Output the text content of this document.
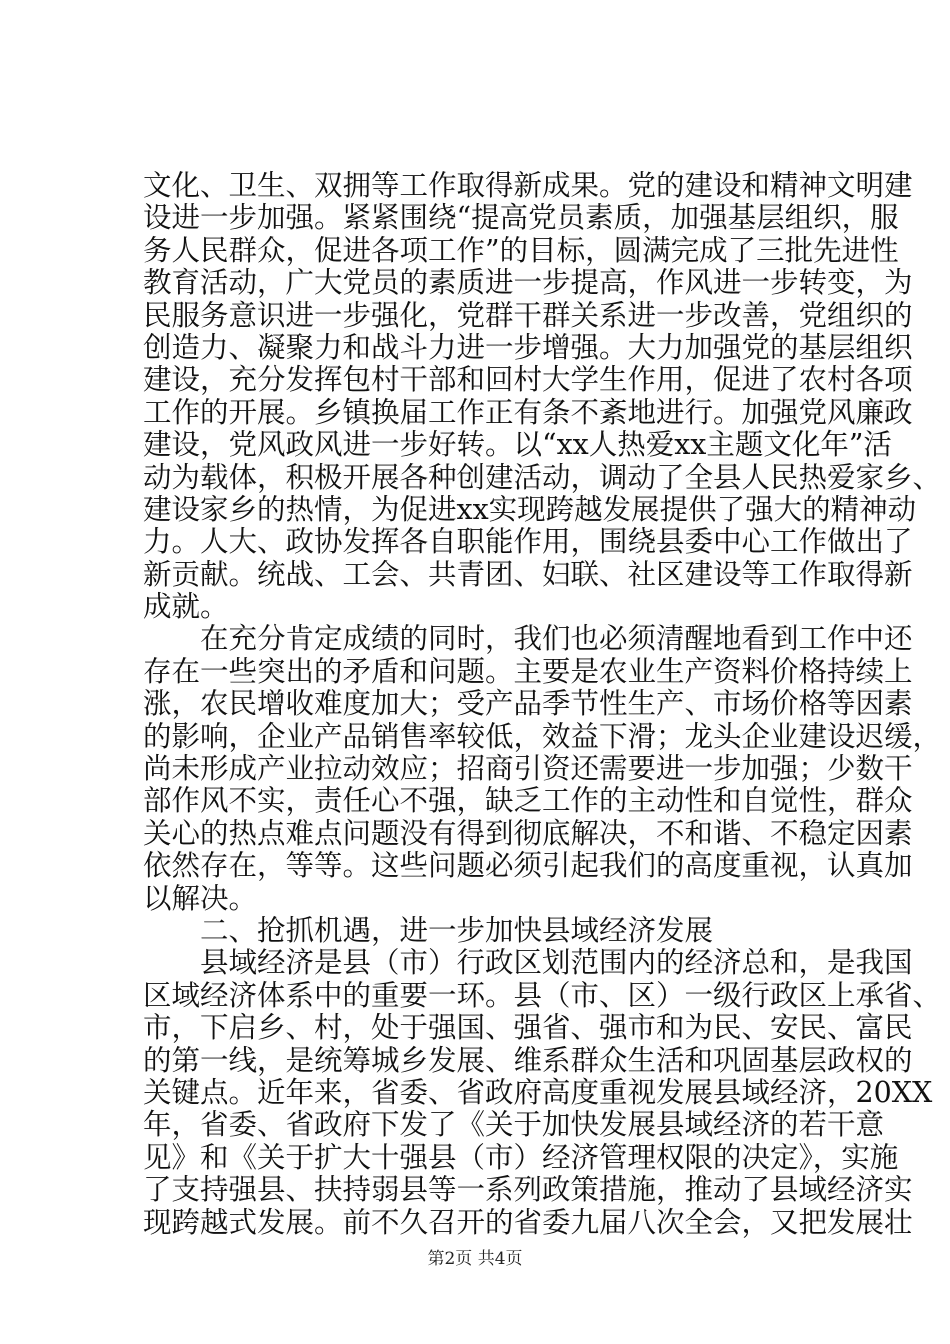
文化、卫生、双拥等工作取得新成果。党的建设和精神文明建
设进一步加强。紧紧围绕“提高党员素质，加强基层组织，服
务人民群众，促进各项工作”的目标，圆满完成了三批先进性
教育活动，广大党员的素质进一步提高，作风进一步转变，为
民服务意识进一步强化，党群干群关系进一步改善，党组织的
创造力、凝聚力和战斗力进一步增强。大力加强党的基层组织
建设，充分发挥包村干部和回村大学生作用，促进了农村各项
工作的开展。乡镇换届工作正有条不紊地进行。加强党风廉政
建设，党风政风进一步好转。以“xx人热爱xx主题文化年”活
动为载体，积极开展各种创建活动，调动了全县人民热爱家乡、
建设家乡的热情，为促进xx实现跨越发展提供了强大的精神动
力。人大、政协发挥各自职能作用，围绕县委中心工作做出了
新贡献。统战、工会、共青团、妇联、社区建设等工作取得新
成就。
在充分肯定成绩的同时，我们也必须清醒地看到工作中还
存在一些突出的矛盾和问题。主要是农业生产资料价格持续上
涨，农民增收难度加大；受产品季节性生产、市场价格等因素
的影响，企业产品销售率较低，效益下滑；龙头企业建设迟缓，
尚未形成产业拉动效应；招商引资还需要进一步加强；少数干
部作风不实，责任心不强，缺乏工作的主动性和自觉性，群众
关心的热点难点问题没有得到彻底解决，不和谐、不稳定因素
依然存在，等等。这些问题必须引起我们的高度重视，认真加
以解决。
二、抢抓机遇，进一步加快县域经济发展
县域经济是县（市）行政区划范围内的经济总和，是我国
区域经济体系中的重要一环。县（市、区）一级行政区上承省、
市，下启乡、村，处于强国、强省、强市和为民、安民、富民
的第一线，是统筹城乡发展、维系群众生活和巩固基层政权的
关键点。近年来，省委、省政府高度重视发展县域经济，20XX
年，省委、省政府下发了《关于加快发展县域经济的若干意
见》和《关于扩大十强县（市）经济管理权限的决定》，实施
了支持强县、扶持弱县等一系列政策措施，推动了县域经济实
现跨越式发展。前不久召开的省委九届八次全会，又把发展壮
第2页 共4页
